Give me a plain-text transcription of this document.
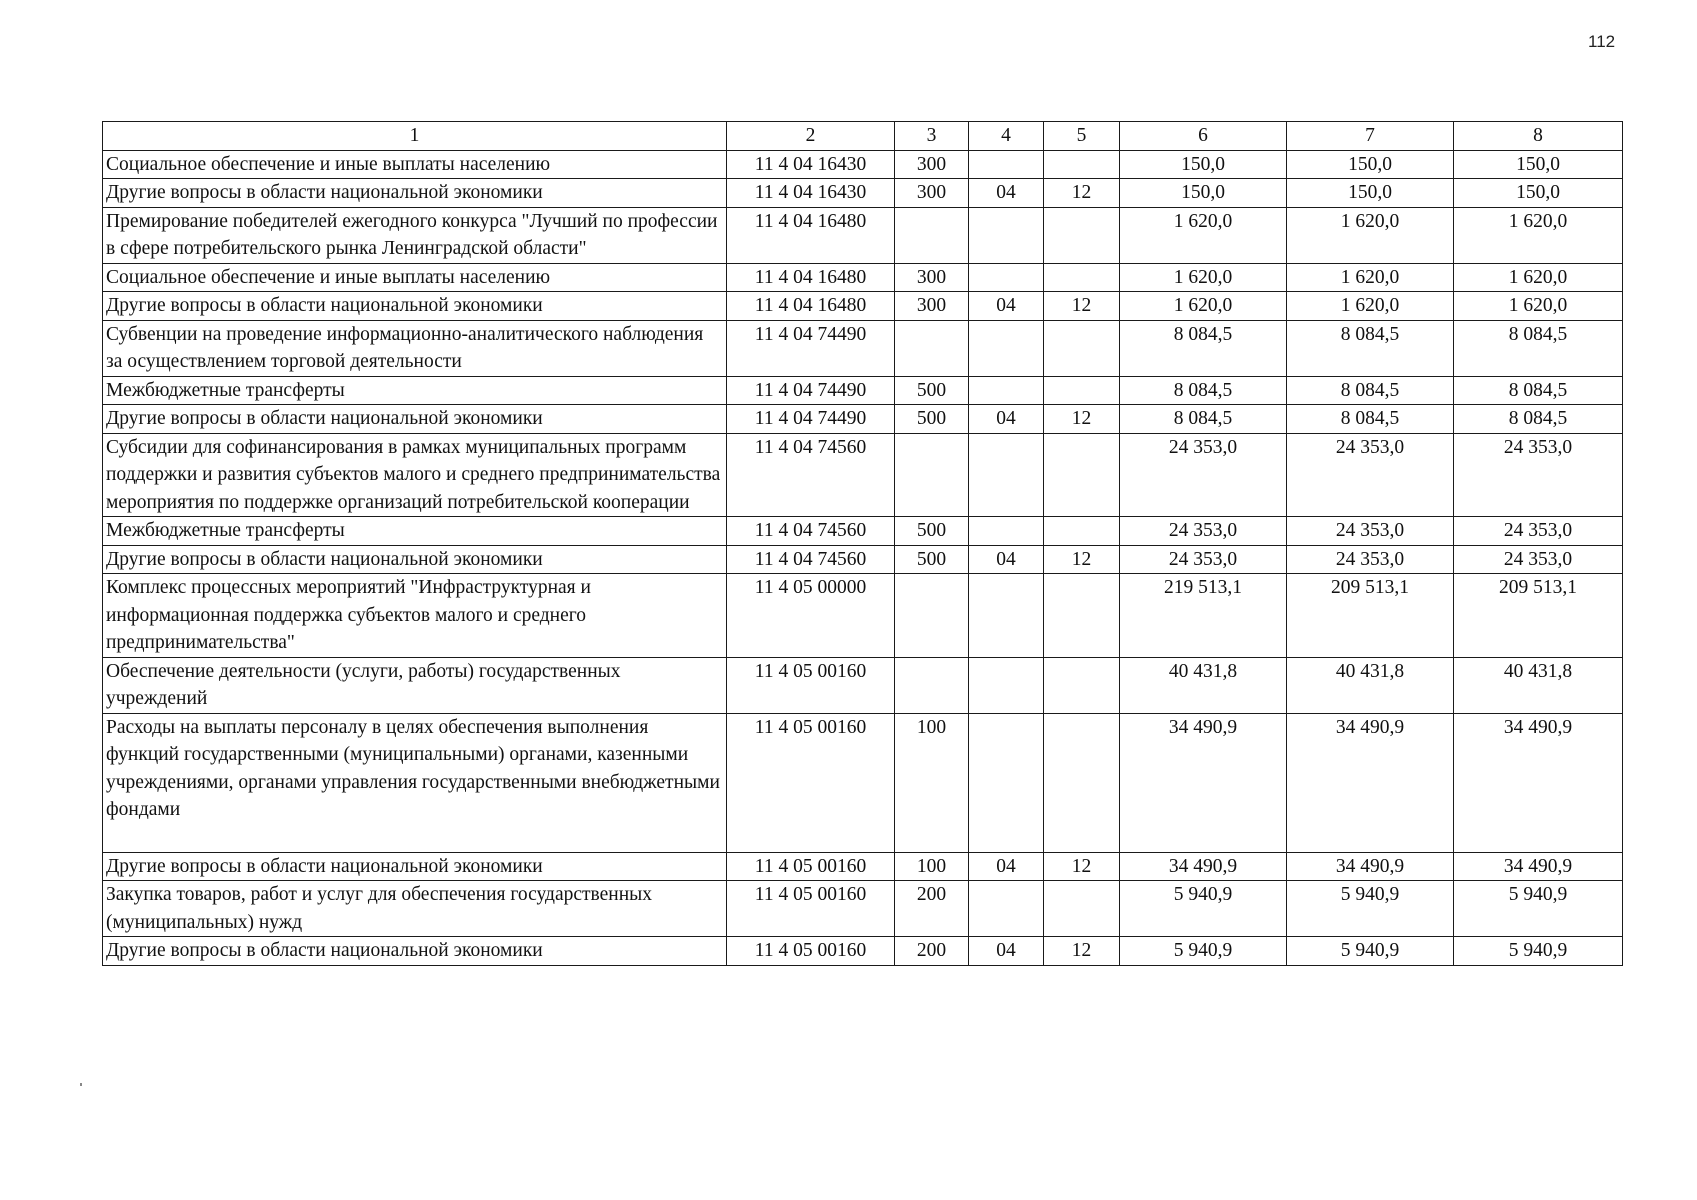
112
1	2	3	4	5	6	7	8
Социальное обеспечение и иные выплаты населению	11 4 04 16430	300			150,0	150,0	150,0
Другие вопросы в области национальной экономики	11 4 04 16430	300	04	12	150,0	150,0	150,0
Премирование победителей ежегодного конкурса "Лучший по профессии в сфере потребительского рынка Ленинградской области"	11 4 04 16480				1 620,0	1 620,0	1 620,0
Социальное обеспечение и иные выплаты населению	11 4 04 16480	300			1 620,0	1 620,0	1 620,0
Другие вопросы в области национальной экономики	11 4 04 16480	300	04	12	1 620,0	1 620,0	1 620,0
Субвенции на проведение информационно-аналитического наблюдения за осуществлением торговой деятельности	11 4 04 74490				8 084,5	8 084,5	8 084,5
Межбюджетные трансферты	11 4 04 74490	500			8 084,5	8 084,5	8 084,5
Другие вопросы в области национальной экономики	11 4 04 74490	500	04	12	8 084,5	8 084,5	8 084,5
Субсидии для софинансирования в рамках муниципальных программ поддержки и развития субъектов малого и среднего предпринимательства мероприятия по поддержке организаций потребительской кооперации	11 4 04 74560				24 353,0	24 353,0	24 353,0
Межбюджетные трансферты	11 4 04 74560	500			24 353,0	24 353,0	24 353,0
Другие вопросы в области национальной экономики	11 4 04 74560	500	04	12	24 353,0	24 353,0	24 353,0
Комплекс процессных мероприятий "Инфраструктурная и информационная поддержка субъектов малого и среднего предпринимательства"	11 4 05 00000				219 513,1	209 513,1	209 513,1
Обеспечение деятельности (услуги, работы) государственных учреждений	11 4 05 00160				40 431,8	40 431,8	40 431,8
Расходы на выплаты персоналу в целях обеспечения выполнения функций государственными (муниципальными) органами, казенными учреждениями, органами управления государственными внебюджетными фондами	11 4 05 00160	100			34 490,9	34 490,9	34 490,9
Другие вопросы в области национальной экономики	11 4 05 00160	100	04	12	34 490,9	34 490,9	34 490,9
Закупка товаров, работ и услуг для обеспечения государственных (муниципальных) нужд	11 4 05 00160	200			5 940,9	5 940,9	5 940,9
Другие вопросы в области национальной экономики	11 4 05 00160	200	04	12	5 940,9	5 940,9	5 940,9
